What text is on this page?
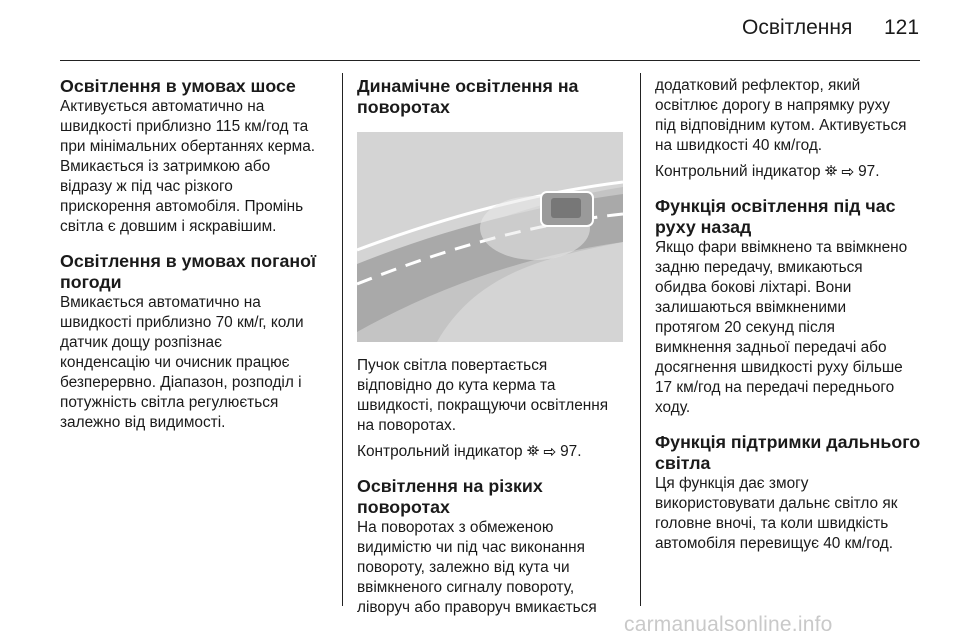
Освітлення 121
Освітлення в умовах шосе

Активується автоматично на

швидкості приблизно 115 км/год та

при мінімальних обертаннях керма.

Вмикається із затримкою або

відразу ж під час різкого

прискорення автомобіля. Промінь

світла є довшим і яскравішим.

Освітлення в умовах поганої
погоди

Вмикається автоматично на

швидкості приблизно 70 км/г, коли

датчик дощу розпізнає

конденсацію чи очисник працює

безперервно. Діапазон, розподіл і

потужність світла регулюється

залежно від видимості.

Динамічне освітлення на
поворотах

Пучок світла повертається

відповідно до кута керма та

швидкості, покращуючи освітлення

на поворотах.

Контрольний індикатор ⛯ ⇨ 97.

Освітлення на різких
поворотах

На поворотах з обмеженою

видимістю чи під час виконання

повороту, залежно від кута чи

ввімкненого сигналу повороту,

ліворуч або праворуч вмикається

додатковий рефлектор, який

освітлює дорогу в напрямку руху

під відповідним кутом. Активується

на швидкості 40 км/год.

Контрольний індикатор ⛯ ⇨ 97.

Функція освітлення під час
руху назад

Якщо фари ввімкнено та ввімкнено

задню передачу, вмикаються

обидва бокові ліхтарі. Вони

залишаються ввімкненими

протягом 20 секунд після

вимкнення задньої передачі або

досягнення швидкості руху більше

17 км/год на передачі переднього

ходу.

Функція підтримки дальнього
світла

Ця функція дає змогу

використовувати дальнє світло як

головне вночі, та коли швидкість

автомобіля перевищує 40 км/год.

carmanualsonline.info
